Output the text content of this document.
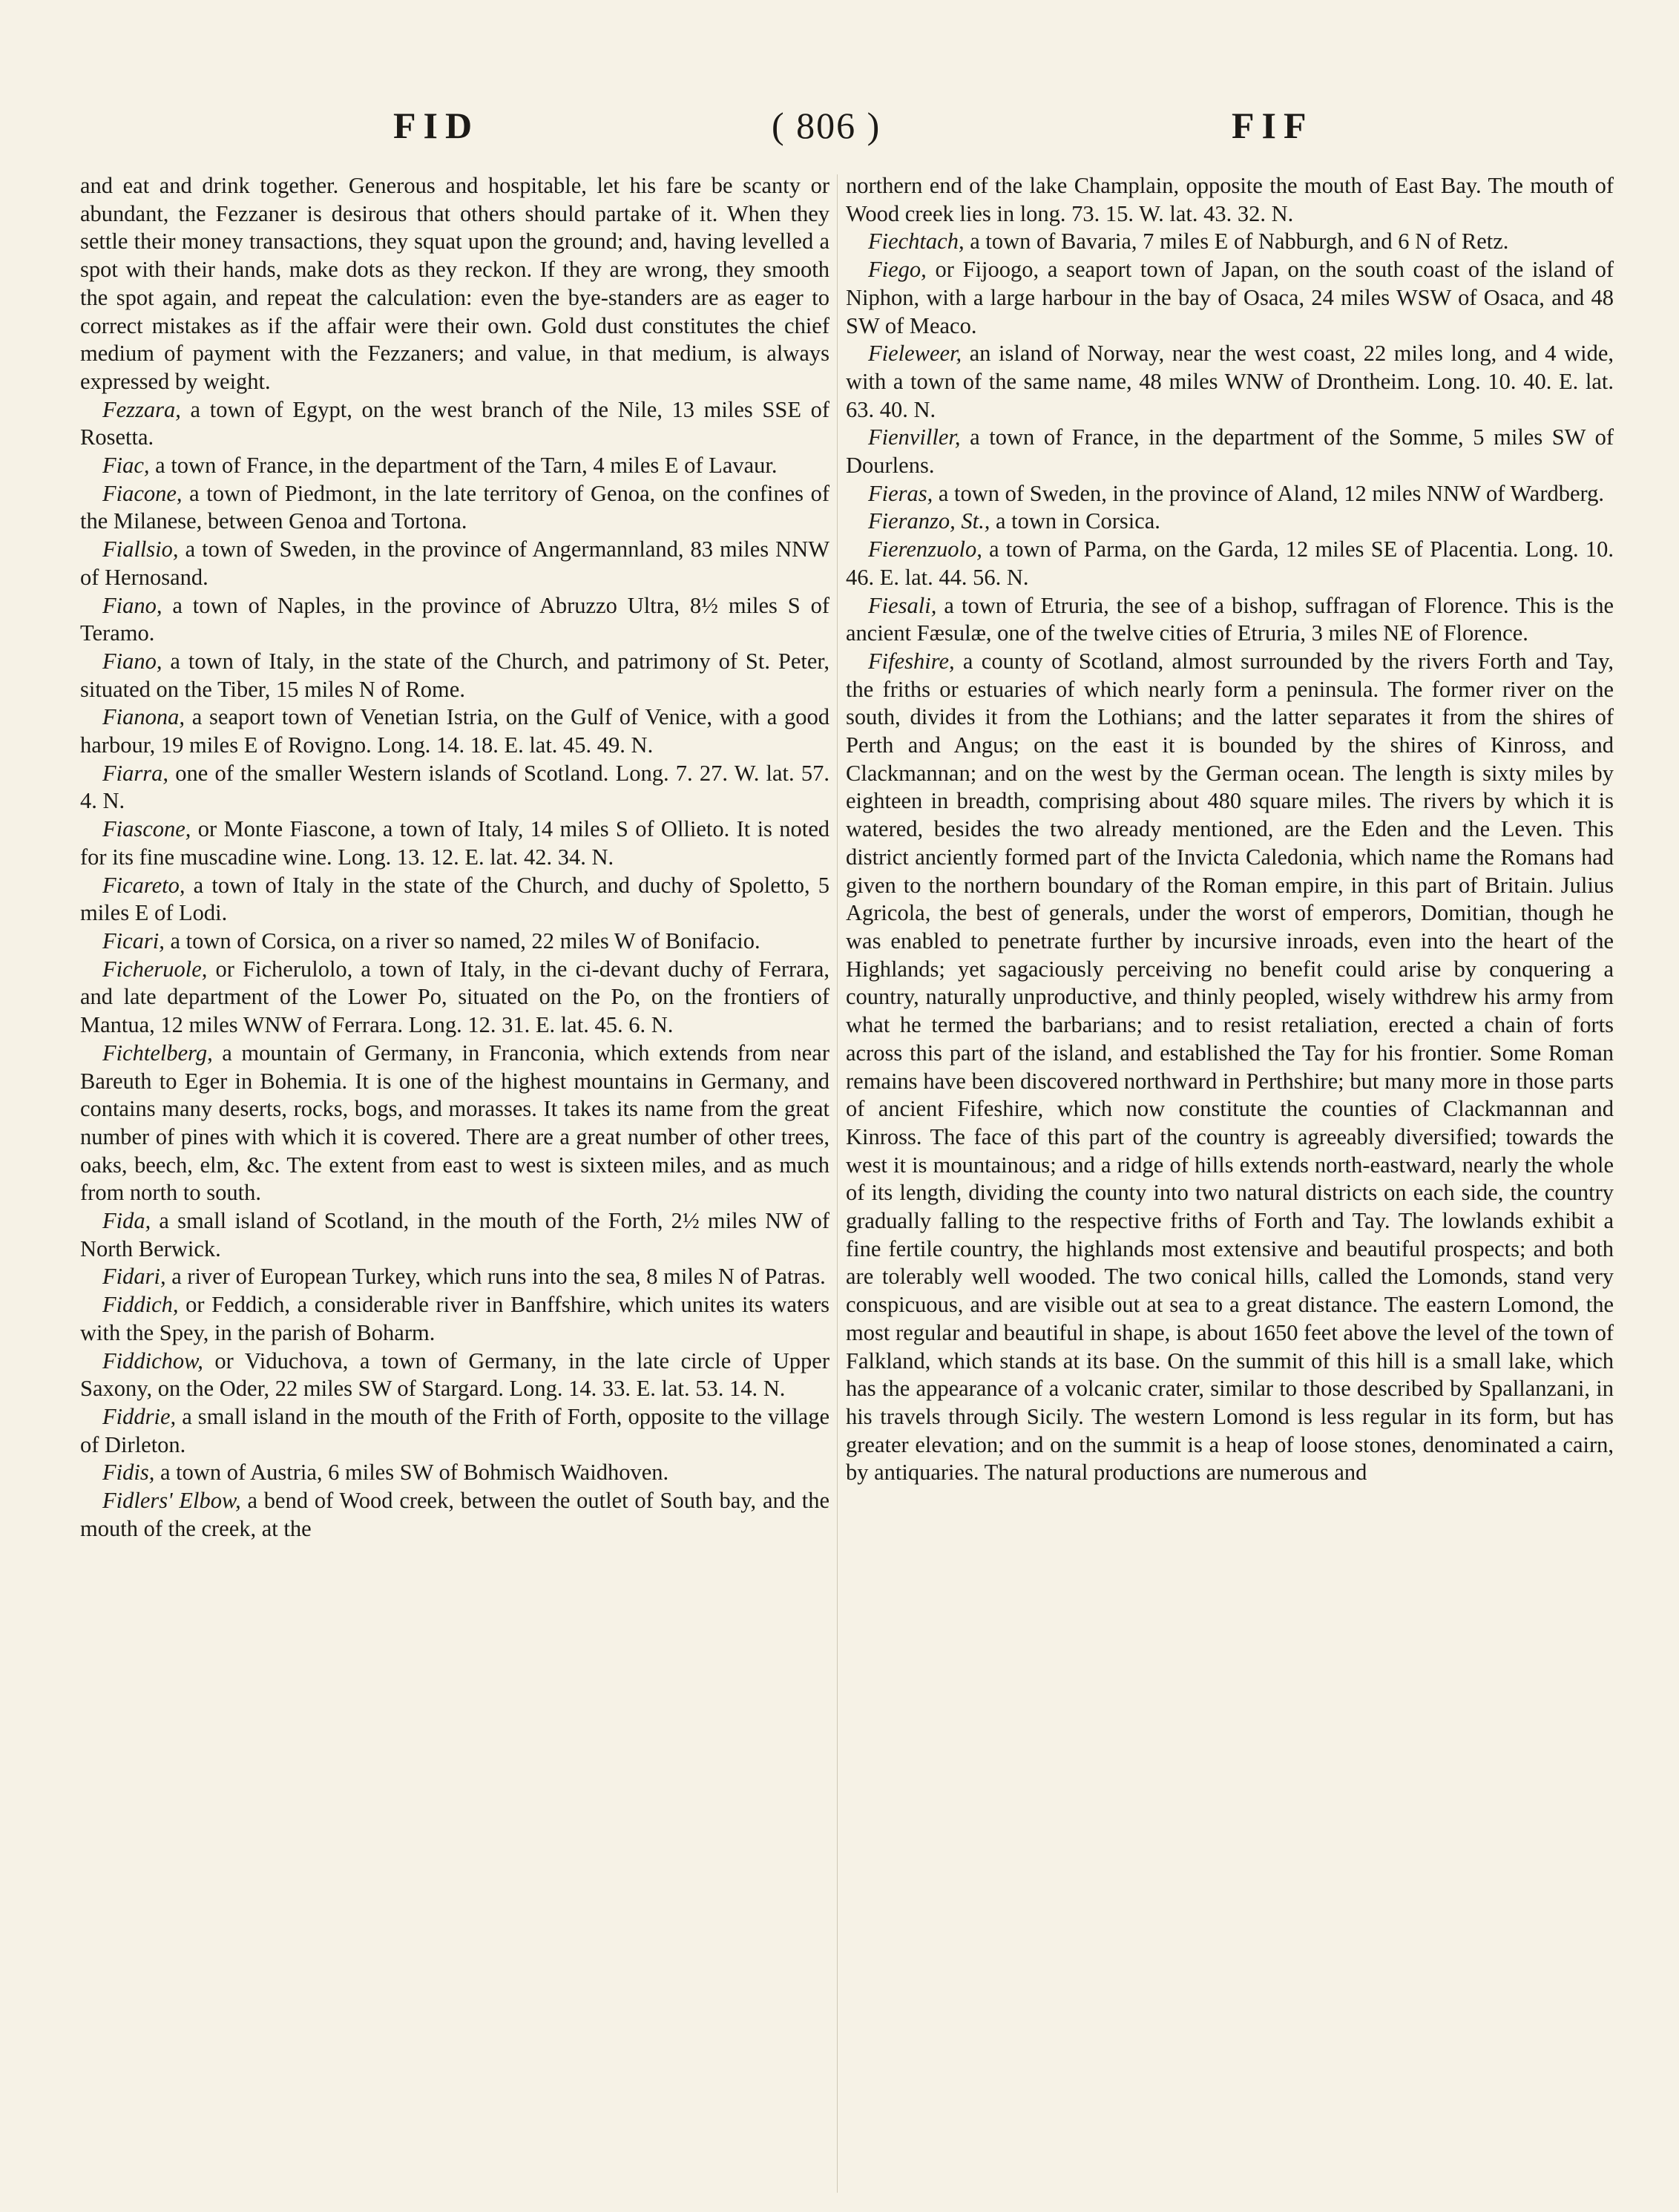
FID	( 806 )	FIF

and eat and drink together. Generous and hospitable, let his fare be scanty or abundant, the Fezzaner is desirous that others should partake of it. When they settle their money transactions, they squat upon the ground; and, having levelled a spot with their hands, make dots as they reckon. If they are wrong, they smooth the spot again, and repeat the calculation: even the bye-standers are as eager to correct mistakes as if the affair were their own. Gold dust constitutes the chief medium of payment with the Fezzaners; and value, in that medium, is always expressed by weight.

Fezzara, a town of Egypt, on the west branch of the Nile, 13 miles SSE of Rosetta.

Fiac, a town of France, in the department of the Tarn, 4 miles E of Lavaur.

Fiacone, a town of Piedmont, in the late territory of Genoa, on the confines of the Milanese, between Genoa and Tortona.

Fiallsio, a town of Sweden, in the province of Angermannland, 83 miles NNW of Hernosand.

Fiano, a town of Naples, in the province of Abruzzo Ultra, 8½ miles S of Teramo.

Fiano, a town of Italy, in the state of the Church, and patrimony of St. Peter, situated on the Tiber, 15 miles N of Rome.

Fianona, a seaport town of Venetian Istria, on the Gulf of Venice, with a good harbour, 19 miles E of Rovigno. Long. 14. 18. E. lat. 45. 49. N.

Fiarra, one of the smaller Western islands of Scotland. Long. 7. 27. W. lat. 57. 4. N.

Fiascone, or Monte Fiascone, a town of Italy, 14 miles S of Ollieto. It is noted for its fine muscadine wine. Long. 13. 12. E. lat. 42. 34. N.

Ficareto, a town of Italy in the state of the Church, and duchy of Spoletto, 5 miles E of Lodi.

Ficari, a town of Corsica, on a river so named, 22 miles W of Bonifacio.

Ficheruole, or Ficherulolo, a town of Italy, in the ci-devant duchy of Ferrara, and late department of the Lower Po, situated on the Po, on the frontiers of Mantua, 12 miles WNW of Ferrara. Long. 12. 31. E. lat. 45. 6. N.

Fichtelberg, a mountain of Germany, in Franconia, which extends from near Bareuth to Eger in Bohemia. It is one of the highest mountains in Germany, and contains many deserts, rocks, bogs, and morasses. It takes its name from the great number of pines with which it is covered. There are a great number of other trees, oaks, beech, elm, &c. The extent from east to west is sixteen miles, and as much from north to south.

Fida, a small island of Scotland, in the mouth of the Forth, 2½ miles NW of North Berwick.

Fidari, a river of European Turkey, which runs into the sea, 8 miles N of Patras.

Fiddich, or Feddich, a considerable river in Banffshire, which unites its waters with the Spey, in the parish of Boharm.

Fiddichow, or Viduchova, a town of Germany, in the late circle of Upper Saxony, on the Oder, 22 miles SW of Stargard. Long. 14. 33. E. lat. 53. 14. N.

Fiddrie, a small island in the mouth of the Frith of Forth, opposite to the village of Dirleton.

Fidis, a town of Austria, 6 miles SW of Bohmisch Waidhoven.

Fidlers' Elbow, a bend of Wood creek, between the outlet of South bay, and the mouth of the creek, at the

northern end of the lake Champlain, opposite the mouth of East Bay. The mouth of Wood creek lies in long. 73. 15. W. lat. 43. 32. N.

Fiechtach, a town of Bavaria, 7 miles E of Nabburgh, and 6 N of Retz.

Fiego, or Fijoogo, a seaport town of Japan, on the south coast of the island of Niphon, with a large harbour in the bay of Osaca, 24 miles WSW of Osaca, and 48 SW of Meaco.

Fieleweer, an island of Norway, near the west coast, 22 miles long, and 4 wide, with a town of the same name, 48 miles WNW of Drontheim. Long. 10. 40. E. lat. 63. 40. N.

Fienviller, a town of France, in the department of the Somme, 5 miles SW of Dourlens.

Fieras, a town of Sweden, in the province of Aland, 12 miles NNW of Wardberg.

Fieranzo, St., a town in Corsica.

Fierenzuolo, a town of Parma, on the Garda, 12 miles SE of Placentia. Long. 10. 46. E. lat. 44. 56. N.

Fiesali, a town of Etruria, the see of a bishop, suffragan of Florence. This is the ancient Fæsulæ, one of the twelve cities of Etruria, 3 miles NE of Florence.

Fifeshire, a county of Scotland, almost surrounded by the rivers Forth and Tay, the friths or estuaries of which nearly form a peninsula. The former river on the south, divides it from the Lothians; and the latter separates it from the shires of Perth and Angus; on the east it is bounded by the shires of Kinross, and Clackmannan; and on the west by the German ocean. The length is sixty miles by eighteen in breadth, comprising about 480 square miles. The rivers by which it is watered, besides the two already mentioned, are the Eden and the Leven. This district anciently formed part of the Invicta Caledonia, which name the Romans had given to the northern boundary of the Roman empire, in this part of Britain. Julius Agricola, the best of generals, under the worst of emperors, Domitian, though he was enabled to penetrate further by incursive inroads, even into the heart of the Highlands; yet sagaciously perceiving no benefit could arise by conquering a country, naturally unproductive, and thinly peopled, wisely withdrew his army from what he termed the barbarians; and to resist retaliation, erected a chain of forts across this part of the island, and established the Tay for his frontier. Some Roman remains have been discovered northward in Perthshire; but many more in those parts of ancient Fifeshire, which now constitute the counties of Clackmannan and Kinross. The face of this part of the country is agreeably diversified; towards the west it is mountainous; and a ridge of hills extends north-eastward, nearly the whole of its length, dividing the county into two natural districts on each side, the country gradually falling to the respective friths of Forth and Tay. The lowlands exhibit a fine fertile country, the highlands most extensive and beautiful prospects; and both are tolerably well wooded. The two conical hills, called the Lomonds, stand very conspicuous, and are visible out at sea to a great distance. The eastern Lomond, the most regular and beautiful in shape, is about 1650 feet above the level of the town of Falkland, which stands at its base. On the summit of this hill is a small lake, which has the appearance of a volcanic crater, similar to those described by Spallanzani, in his travels through Sicily. The western Lomond is less regular in its form, but has greater elevation; and on the summit is a heap of loose stones, denominated a cairn, by antiquaries. The natural productions are numerous and
